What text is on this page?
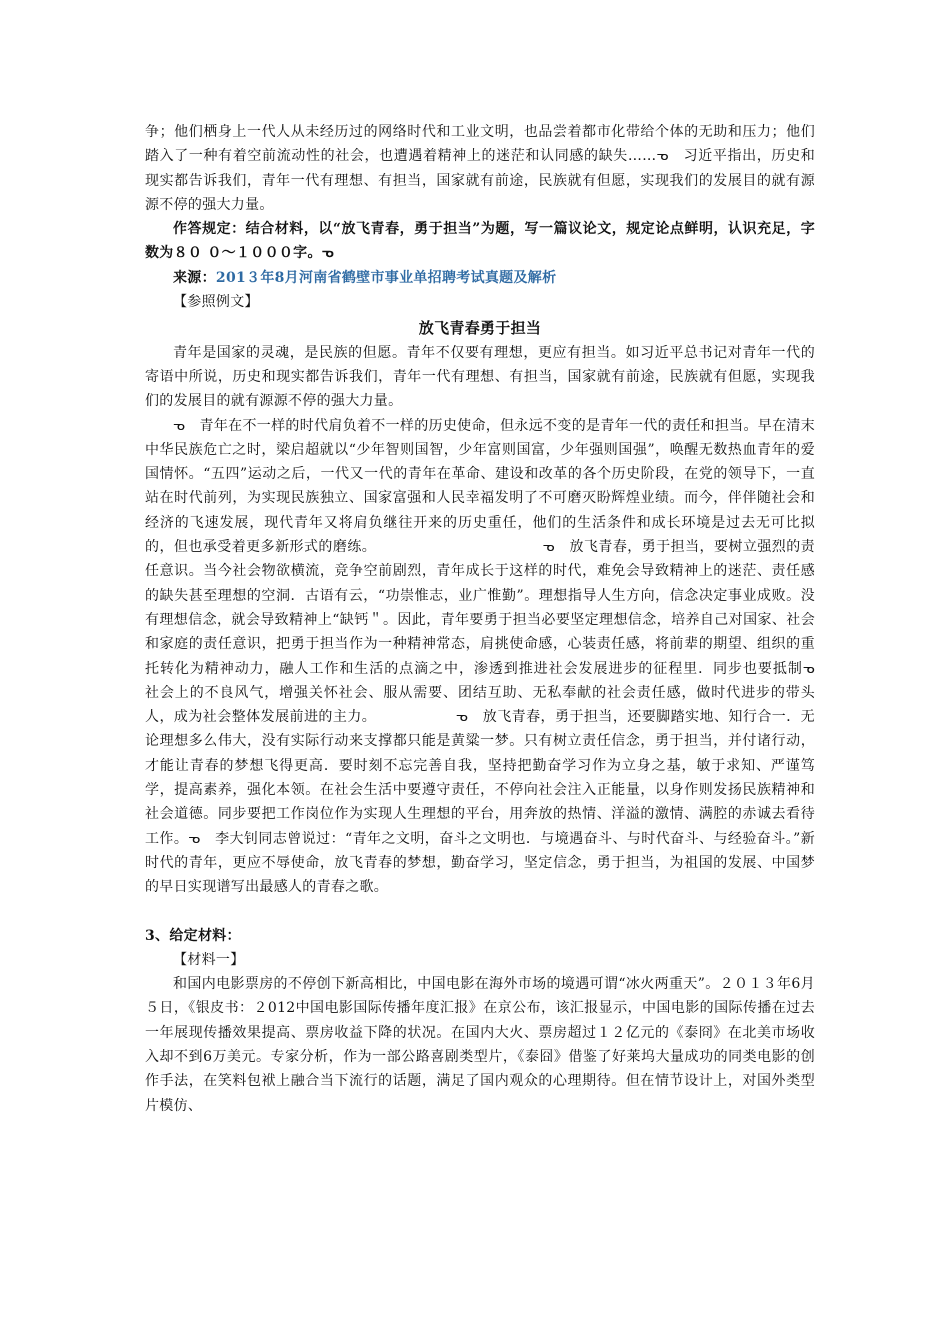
争；他们栖身上一代人从未经历过的网络时代和工业文明，也品尝着都市化带给个体的无助和压力；他们踏入了一种有着空前流动性的社会，也遭遇着精神上的迷茫和认同感的缺失……ᓀ　习近平指出，历史和现实都告诉我们，青年一代有理想、有担当，国家就有前途，民族就有但愿，实现我们的发展目的就有源源不停的强大力量。

作答规定：结合材料，以“放飞青春，勇于担当”为题，写一篇议论文，规定论点鲜明，认识充足，字数为８０ ０～１０００字。ᓀ

来源：201３年8月河南省鹤壁市事业单招聘考试真题及解析

【参照例文】

放飞青春勇于担当

青年是国家的灵魂，是民族的但愿。青年不仅要有理想，更应有担当。如习近平总书记对青年一代的寄语中所说，历史和现实都告诉我们，青年一代有理想、有担当，国家就有前途，民族就有但愿，实现我们的发展目的就有源源不停的强大力量。

ᓀ　青年在不一样的时代肩负着不一样的历史使命，但永远不变的是青年一代的责任和担当。早在清末中华民族危亡之时，梁启超就以“少年智则国智，少年富则国富，少年强则国强”，唤醒无数热血青年的爱国情怀。“五四”运动之后，一代又一代的青年在革命、建设和改革的各个历史阶段，在党的领导下，一直站在时代前列，为实现民族独立、国家富强和人民幸福发明了不可磨灭盼辉煌业绩。而今，伴伴随社会和经济的飞速发展，现代青年又将肩负继往开来的历史重任，他们的生活条件和成长环境是过去无可比拟的，但也承受着更多新形式的磨练。　　　　　　　　　　　　ᓀ　放飞青春，勇于担当，要树立强烈的责任意识。当今社会物欲横流，竞争空前剧烈，青年成长于这样的时代，难免会导致精神上的迷茫、责任感的缺失甚至理想的空洞．古语有云，“功崇惟志，业广惟勤”。理想指导人生方向，信念决定事业成败。没有理想信念，就会导致精神上“缺钙＂。因此，青年要勇于担当必要坚定理想信念，培养自己对国家、社会和家庭的责任意识，把勇于担当作为一种精神常态，肩挑使命感，心装责任感，将前辈的期望、组织的重托转化为精神动力，融人工作和生活的点滴之中，渗透到推进社会发展进步的征程里．同步也要抵制ᓀ　社会上的不良风气，增强关怀社会、服从需要、团结互助、无私奉献的社会责任感，做时代进步的带头人，成为社会整体发展前进的主力。　　　　　　ᓀ　放飞青春，勇于担当，还要脚踏实地、知行合一．无论理想多么伟大，没有实际行动来支撑都只能是黄粱一梦。只有树立责任信念，勇于担当，并付诸行动，才能让青春的梦想飞得更高．要时刻不忘完善自我，坚持把勤奋学习作为立身之基，敏于求知、严谨笃学，提高素养，强化本领。在社会生活中要遵守责任，不停向社会注入正能量，以身作则发扬民族精神和社会道德。同步要把工作岗位作为实现人生理想的平台，用奔放的热情、洋溢的激情、满腔的赤诚去看待工作。ᓀ　李大钊同志曾说过：“青年之文明，奋斗之文明也．与境遇奋斗、与时代奋斗、与经验奋斗。”新时代的青年，更应不辱使命，放飞青春的梦想，勤奋学习，坚定信念，勇于担当，为祖国的发展、中国梦的早日实现谱写出最感人的青春之歌。

3、给定材料：

【材料一】

和国内电影票房的不停创下新高相比，中国电影在海外市场的境遇可谓“冰火两重天”。２０１３年6月５日，《银皮书：２012中国电影国际传播年度汇报》在京公布，该汇报显示，中国电影的国际传播在过去一年展现传播效果提高、票房收益下降的状况。在国内大火、票房超过１２亿元的《泰冏》在北美市场收入却不到6万美元。专家分析，作为一部公路喜剧类型片，《泰囧》借鉴了好莱坞大量成功的同类电影的创作手法，在笑料包袱上融合当下流行的话题，满足了国内观众的心理期待。但在情节设计上，对国外类型片模仿、
